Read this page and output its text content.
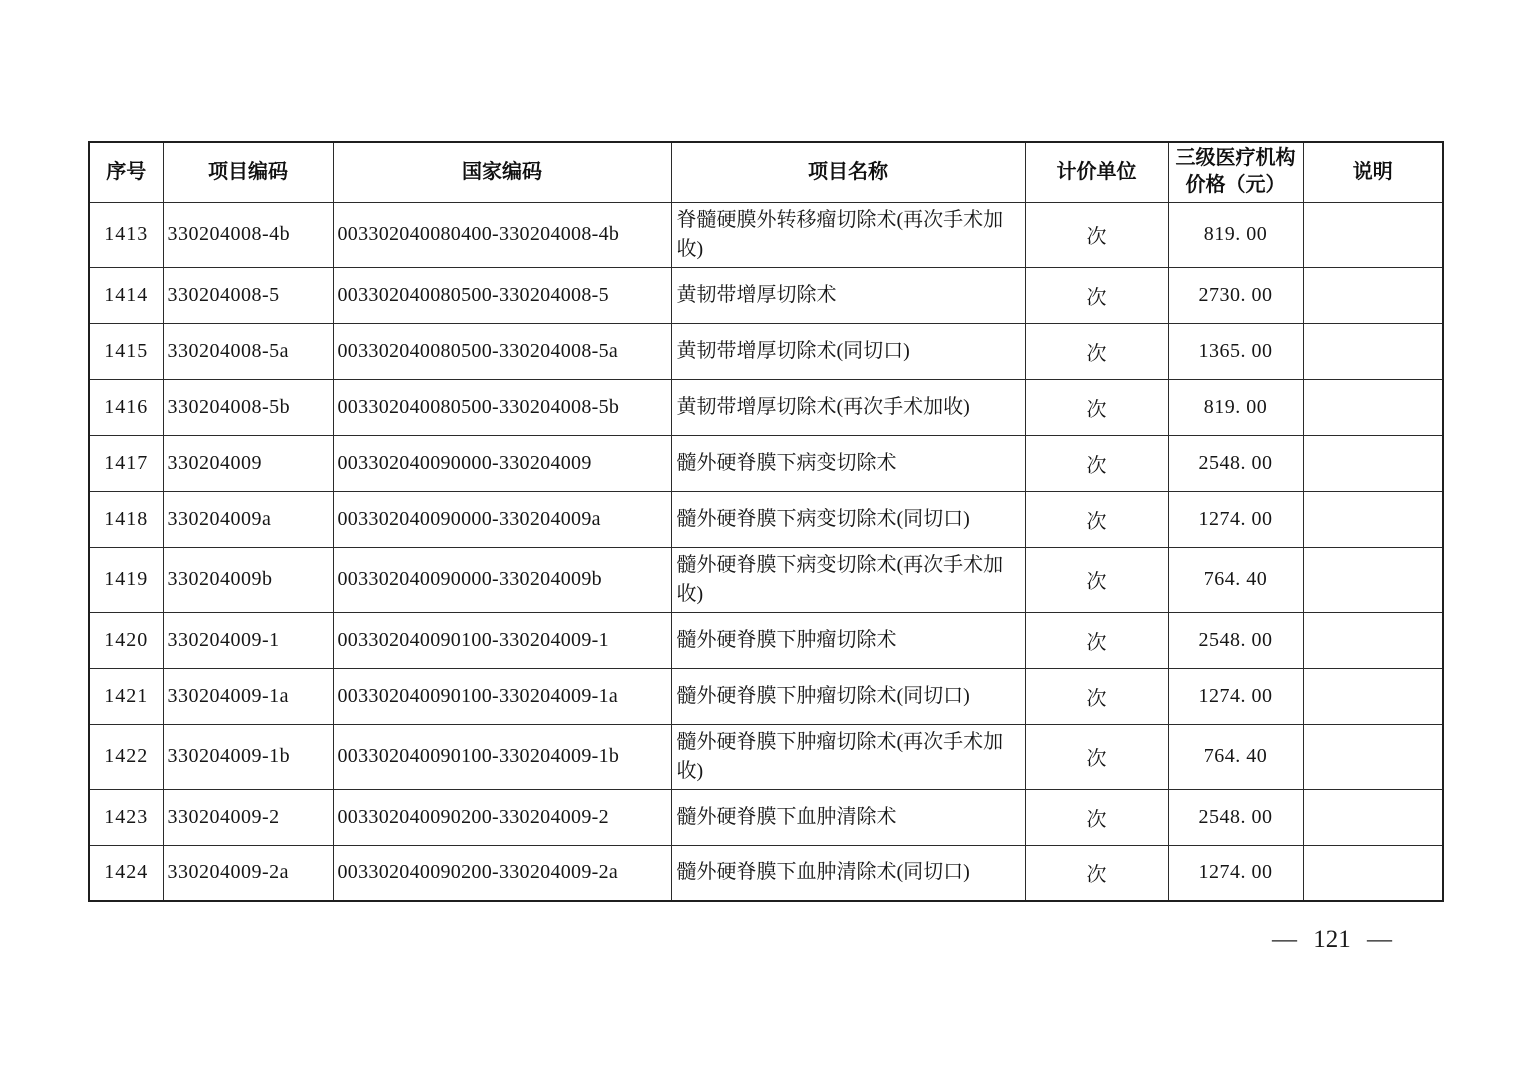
序号	项目编码	国家编码	项目名称	计价单位	三级医疗机构价格（元）	说明
1413	330204008-4b	003302040080400-330204008-4b	脊髓硬膜外转移瘤切除术(再次手术加收)	次	819. 00	
1414	330204008-5	003302040080500-330204008-5	黄韧带增厚切除术	次	2730. 00	
1415	330204008-5a	003302040080500-330204008-5a	黄韧带增厚切除术(同切口)	次	1365. 00	
1416	330204008-5b	003302040080500-330204008-5b	黄韧带增厚切除术(再次手术加收)	次	819. 00	
1417	330204009	003302040090000-330204009	髓外硬脊膜下病变切除术	次	2548. 00	
1418	330204009a	003302040090000-330204009a	髓外硬脊膜下病变切除术(同切口)	次	1274. 00	
1419	330204009b	003302040090000-330204009b	髓外硬脊膜下病变切除术(再次手术加收)	次	764. 40	
1420	330204009-1	003302040090100-330204009-1	髓外硬脊膜下肿瘤切除术	次	2548. 00	
1421	330204009-1a	003302040090100-330204009-1a	髓外硬脊膜下肿瘤切除术(同切口)	次	1274. 00	
1422	330204009-1b	003302040090100-330204009-1b	髓外硬脊膜下肿瘤切除术(再次手术加收)	次	764. 40	
1423	330204009-2	003302040090200-330204009-2	髓外硬脊膜下血肿清除术	次	2548. 00	
1424	330204009-2a	003302040090200-330204009-2a	髓外硬脊膜下血肿清除术(同切口)	次	1274. 00	
— 121 —
